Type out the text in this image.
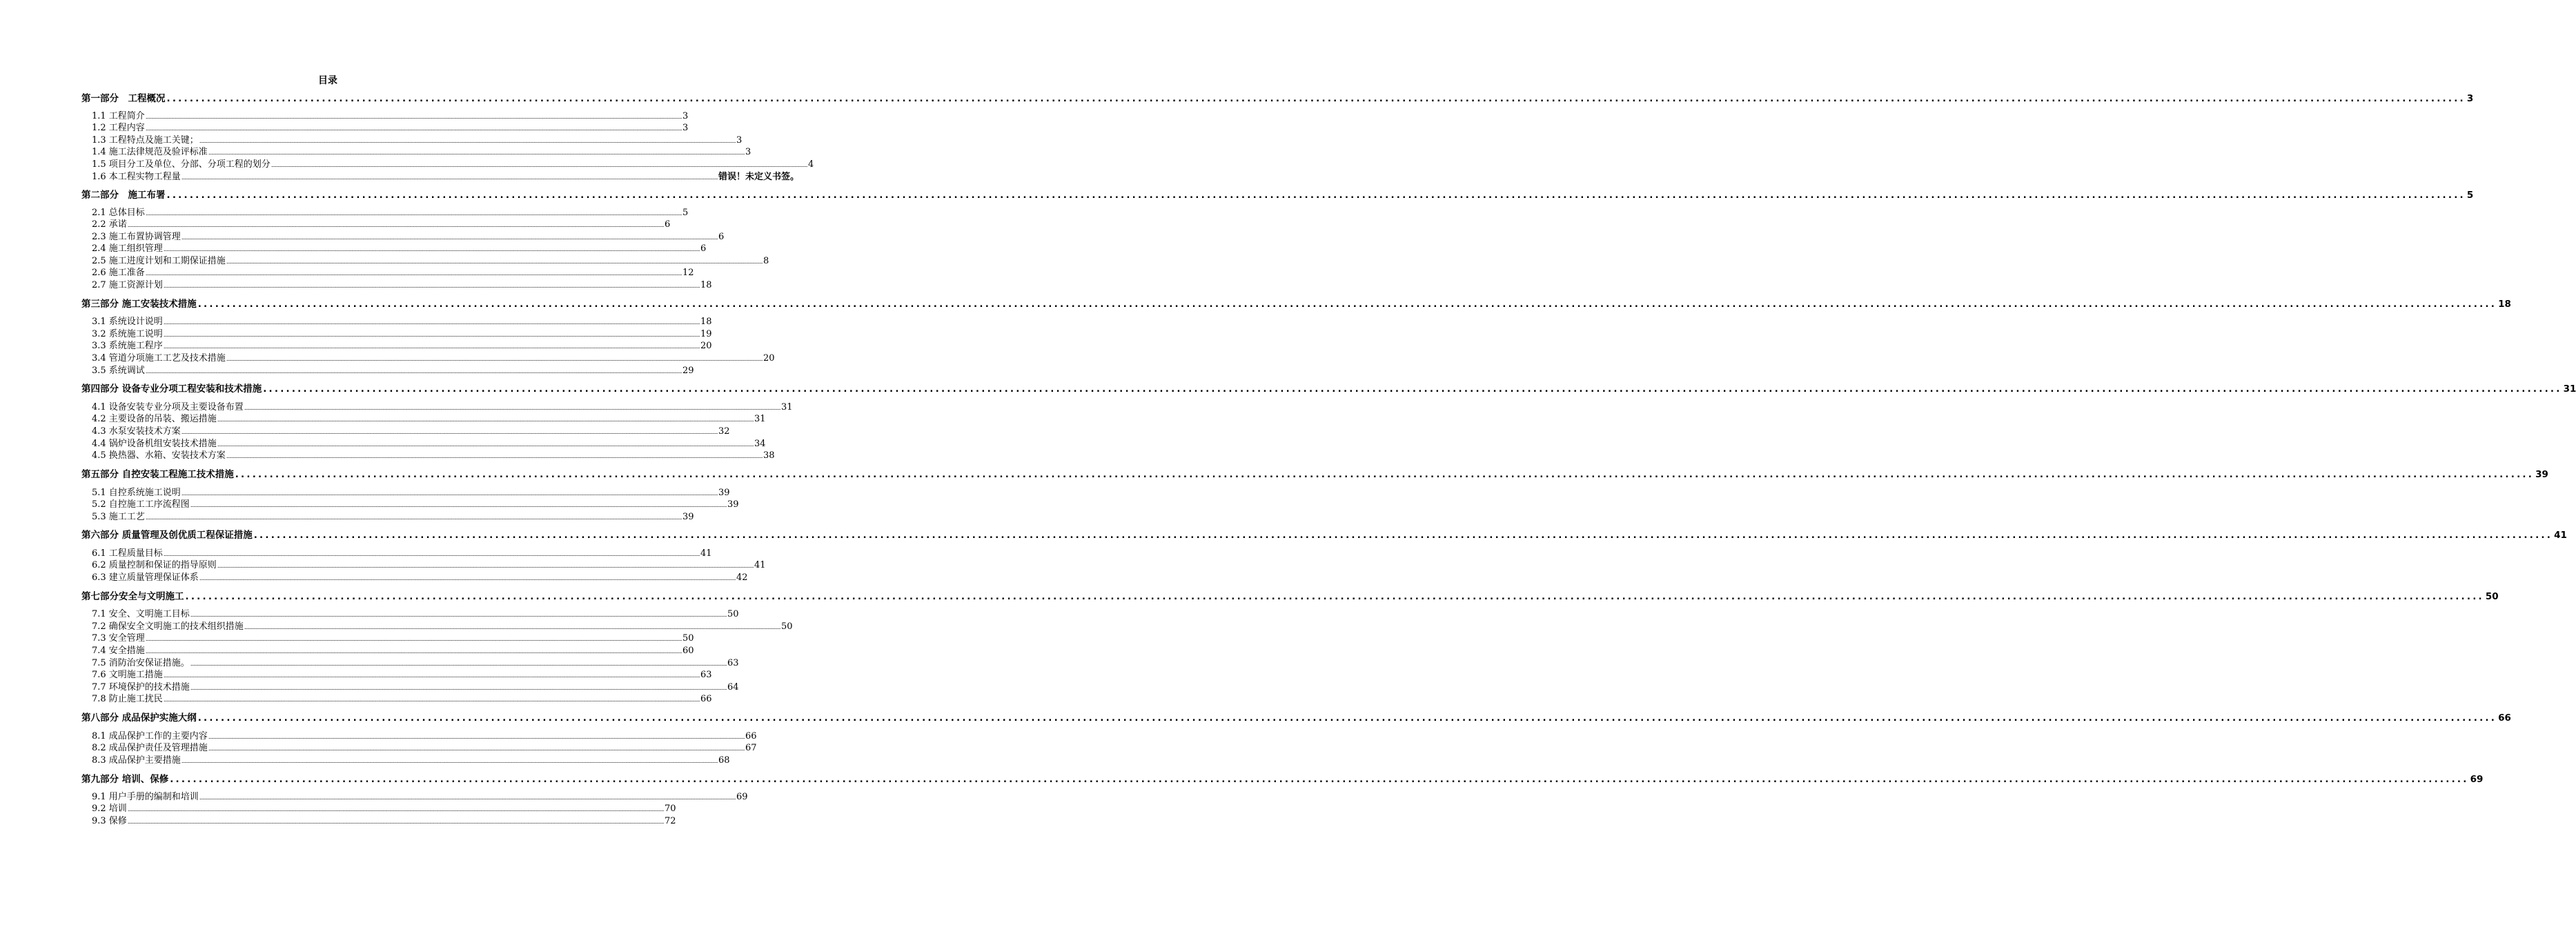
目录
第一部分　工程概况 ................................................................................................................................................................................................................................................................................................................................................................................................................ 3
1.1 工程简介 ................................................................................................................................................................................................................................................................................................................................................................................................................ 3
1.2 工程内容 ................................................................................................................................................................................................................................................................................................................................................................................................................ 3
1.3 工程特点及施工关键； ................................................................................................................................................................................................................................................................................................................................................................................................................ 3
1.4 施工法律规范及验评标准 ................................................................................................................................................................................................................................................................................................................................................................................................................ 3
1.5 项目分工及单位、分部、分项工程的划分 ................................................................................................................................................................................................................................................................................................................................................................................................................ 4
1.6 本工程实物工程量 ................................................................................................................................................................................................................................................................................................................................................................................................................ 错误！未定义书签。
第二部分　施工布署 ................................................................................................................................................................................................................................................................................................................................................................................................................ 5
2.1 总体目标 ................................................................................................................................................................................................................................................................................................................................................................................................................ 5
2.2 承诺 ................................................................................................................................................................................................................................................................................................................................................................................................................ 6
2.3 施工布置协调管理 ................................................................................................................................................................................................................................................................................................................................................................................................................ 6
2.4 施工组织管理 ................................................................................................................................................................................................................................................................................................................................................................................................................ 6
2.5 施工进度计划和工期保证措施 ................................................................................................................................................................................................................................................................................................................................................................................................................ 8
2.6 施工准备 ................................................................................................................................................................................................................................................................................................................................................................................................................ 12
2.7 施工资源计划 ................................................................................................................................................................................................................................................................................................................................................................................................................ 18
第三部分 施工安装技术措施 ................................................................................................................................................................................................................................................................................................................................................................................................................ 18
3.1 系统设计说明 ................................................................................................................................................................................................................................................................................................................................................................................................................ 18
3.2 系统施工说明 ................................................................................................................................................................................................................................................................................................................................................................................................................ 19
3.3 系统施工程序 ................................................................................................................................................................................................................................................................................................................................................................................................................ 20
3.4 管道分项施工工艺及技术措施 ................................................................................................................................................................................................................................................................................................................................................................................................................ 20
3.5 系统调试 ................................................................................................................................................................................................................................................................................................................................................................................................................ 29
第四部分 设备专业分项工程安装和技术措施 ................................................................................................................................................................................................................................................................................................................................................................................................................ 31
4.1 设备安装专业分项及主要设备布置 ................................................................................................................................................................................................................................................................................................................................................................................................................ 31
4.2 主要设备的吊装、搬运措施 ................................................................................................................................................................................................................................................................................................................................................................................................................ 31
4.3 水泵安装技术方案 ................................................................................................................................................................................................................................................................................................................................................................................................................ 32
4.4 锅炉设备机组安装技术措施 ................................................................................................................................................................................................................................................................................................................................................................................................................ 34
4.5 换热器、水箱、安装技术方案 ................................................................................................................................................................................................................................................................................................................................................................................................................ 38
第五部分 自控安装工程施工技术措施 ................................................................................................................................................................................................................................................................................................................................................................................................................ 39
5.1 自控系统施工说明 ................................................................................................................................................................................................................................................................................................................................................................................................................ 39
5.2 自控施工工序流程图 ................................................................................................................................................................................................................................................................................................................................................................................................................ 39
5.3 施工工艺 ................................................................................................................................................................................................................................................................................................................................................................................................................ 39
第六部分 质量管理及创优质工程保证措施 ................................................................................................................................................................................................................................................................................................................................................................................................................ 41
6.1 工程质量目标 ................................................................................................................................................................................................................................................................................................................................................................................................................ 41
6.2 质量控制和保证的指导原则 ................................................................................................................................................................................................................................................................................................................................................................................................................ 41
6.3 建立质量管理保证体系 ................................................................................................................................................................................................................................................................................................................................................................................................................ 42
第七部分安全与文明施工 ................................................................................................................................................................................................................................................................................................................................................................................................................ 50
7.1 安全、文明施工目标 ................................................................................................................................................................................................................................................................................................................................................................................................................ 50
7.2 确保安全文明施工的技术组织措施 ................................................................................................................................................................................................................................................................................................................................................................................................................ 50
7.3 安全管理 ................................................................................................................................................................................................................................................................................................................................................................................................................ 50
7.4 安全措施 ................................................................................................................................................................................................................................................................................................................................................................................................................ 60
7.5 消防治安保证措施。 ................................................................................................................................................................................................................................................................................................................................................................................................................ 63
7.6 文明施工措施 ................................................................................................................................................................................................................................................................................................................................................................................................................ 63
7.7 环境保护的技术措施 ................................................................................................................................................................................................................................................................................................................................................................................................................ 64
7.8 防止施工扰民 ................................................................................................................................................................................................................................................................................................................................................................................................................ 66
第八部分 成品保护实施大纲 ................................................................................................................................................................................................................................................................................................................................................................................................................ 66
8.1 成品保护工作的主要内容 ................................................................................................................................................................................................................................................................................................................................................................................................................ 66
8.2 成品保护责任及管理措施 ................................................................................................................................................................................................................................................................................................................................................................................................................ 67
8.3 成品保护主要措施 ................................................................................................................................................................................................................................................................................................................................................................................................................ 68
第九部分 培训、保修 ................................................................................................................................................................................................................................................................................................................................................................................................................ 69
9.1 用户手册的编制和培训 ................................................................................................................................................................................................................................................................................................................................................................................................................ 69
9.2 培训 ................................................................................................................................................................................................................................................................................................................................................................................................................ 70
9.3 保修 ................................................................................................................................................................................................................................................................................................................................................................................................................ 72
